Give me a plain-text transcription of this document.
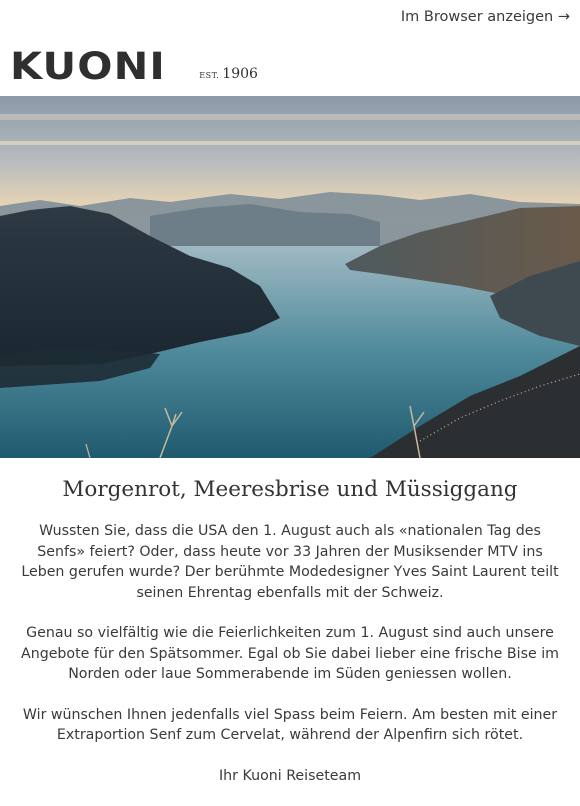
Im Browser anzeigen →
KUONI	EST. 1906
Morgenrot, Meeresbrise und Müssiggang

Wussten Sie, dass die USA den 1. August auch als «nationalen Tag des Senfs» feiert? Oder, dass heute vor 33 Jahren der Musiksender MTV ins Leben gerufen wurde? Der berühmte Modedesigner Yves Saint Laurent teilt seinen Ehrentag ebenfalls mit der Schweiz.

Genau so vielfältig wie die Feierlichkeiten zum 1. August sind auch unsere Angebote für den Spätsommer. Egal ob Sie dabei lieber eine frische Bise im Norden oder laue Sommerabende im Süden geniessen wollen.

Wir wünschen Ihnen jedenfalls viel Spass beim Feiern. Am besten mit einer Extraportion Senf zum Cervelat, während der Alpenfirn sich rötet.

Ihr Kuoni Reiseteam
